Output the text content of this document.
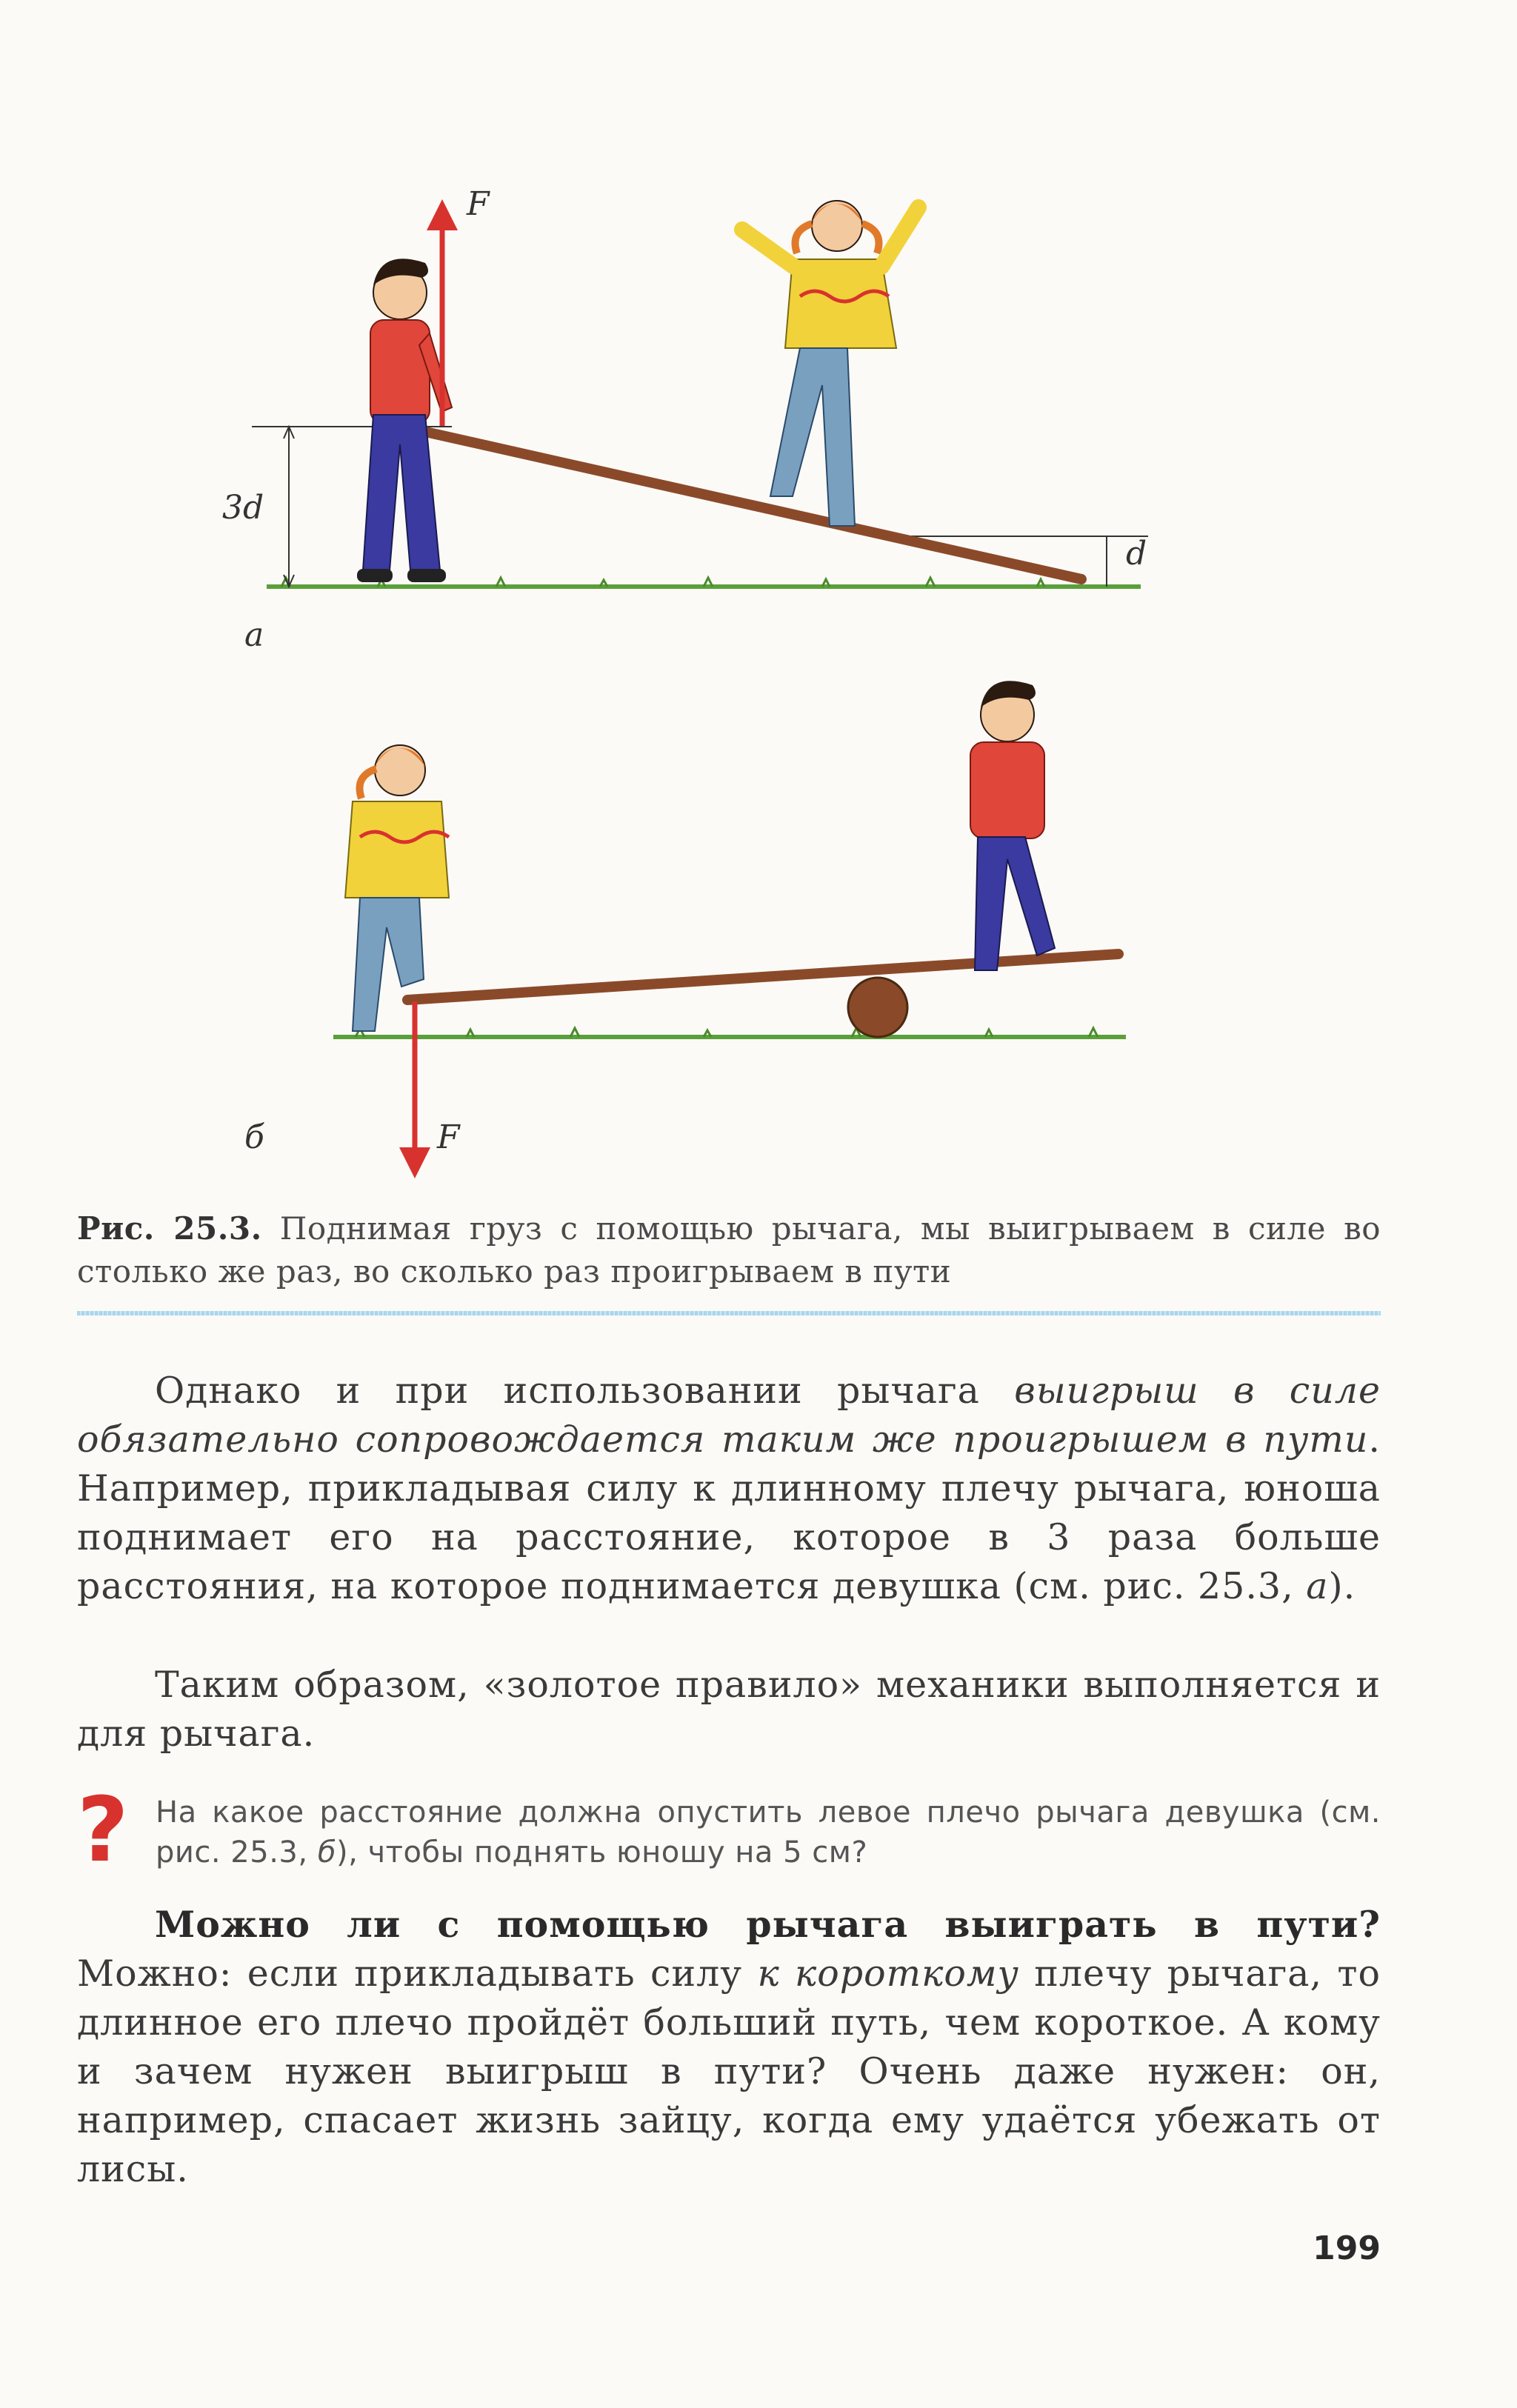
F
3d
d
а
F
б
Рис. 25.3. Поднимая груз с помощью рычага, мы выигрываем в силе во столько же раз, во сколько раз проигрываем в пути
Однако и при использовании рычага выигрыш в силе обязательно сопровождается таким же проигрышем в пути. Например, прикладывая силу к длинному плечу рычага, юноша поднимает его на расстояние, которое в 3 раза больше расстояния, на которое поднимается девушка (см. рис. 25.3, а).
Таким образом, «золотое правило» механики выполняется и для рычага.
? На какое расстояние должна опустить левое плечо рычага девушка (см. рис. 25.3, б), чтобы поднять юношу на 5 см?
Можно ли с помощью рычага выиграть в пути? Можно: если прикладывать силу к короткому плечу рычага, то длинное его плечо пройдёт больший путь, чем короткое. А кому и зачем нужен выигрыш в пути? Очень даже нужен: он, например, спасает жизнь зайцу, когда ему удаётся убежать от лисы.
199
